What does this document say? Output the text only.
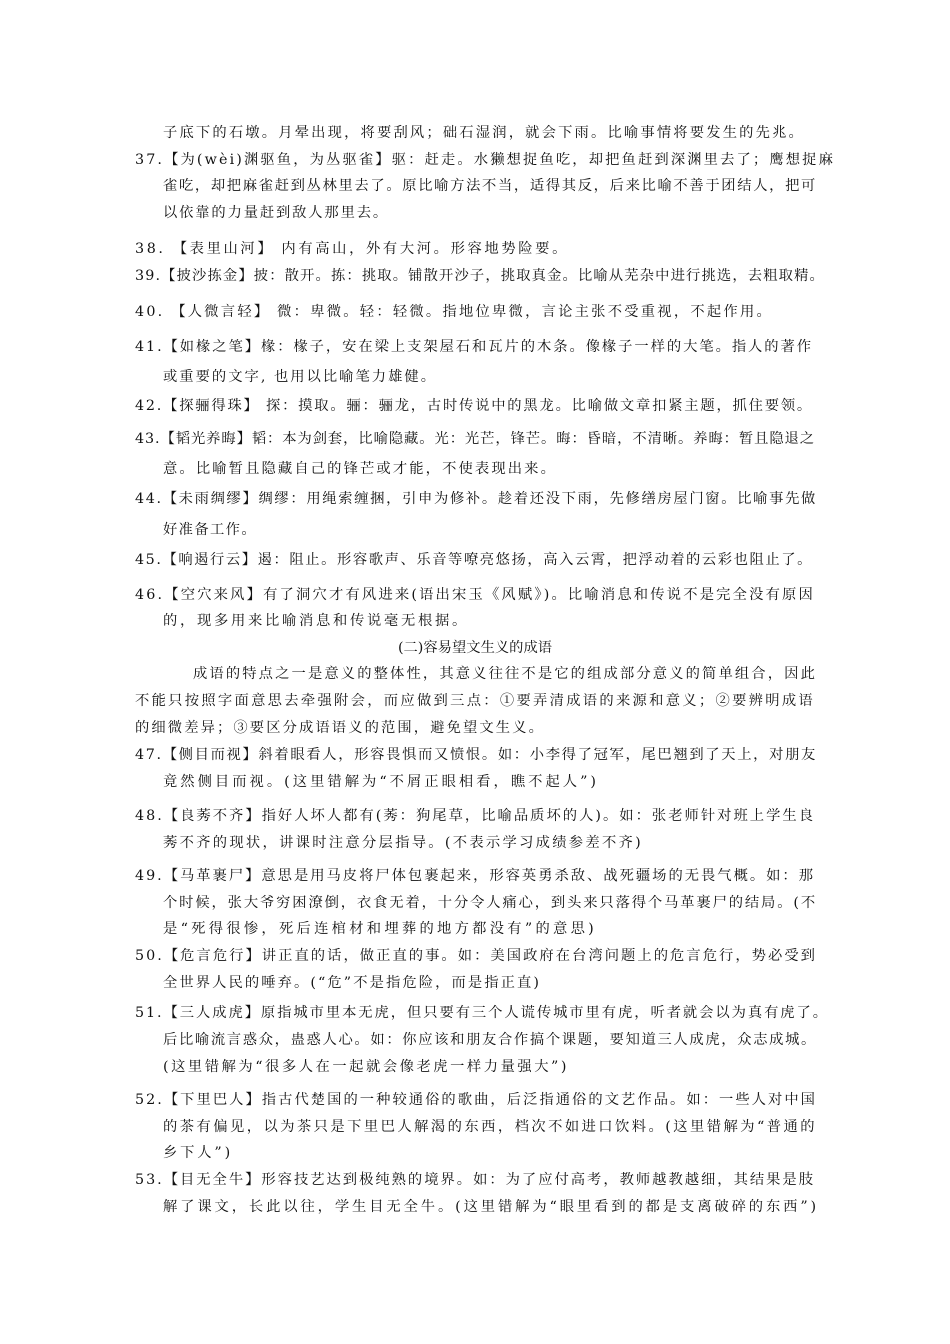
子底下的石墩。月晕出现，将要刮风；础石湿润，就会下雨。比喻事情将要发生的先兆。
37.【为(wèi)渊驱鱼，为丛驱雀】驱：赶走。水獭想捉鱼吃，却把鱼赶到深渊里去了；鹰想捉麻
雀吃，却把麻雀赶到丛林里去了。原比喻方法不当，适得其反，后来比喻不善于团结人，把可
以依靠的力量赶到敌人那里去。
38. 【表里山河】 内有高山，外有大河。形容地势险要。
39.【披沙拣金】披：散开。拣：挑取。铺散开沙子，挑取真金。比喻从芜杂中进行挑选，去粗取精。
40. 【人微言轻】 微：卑微。轻：轻微。指地位卑微，言论主张不受重视，不起作用。
41.【如椽之笔】椽：椽子，安在梁上支架屋石和瓦片的木条。像椽子一样的大笔。指人的著作
或重要的文字, 也用以比喻笔力雄健。
42.【探骊得珠】 探：摸取。骊：骊龙，古时传说中的黑龙。比喻做文章扣紧主题，抓住要领。
43.【韬光养晦】韬：本为剑套，比喻隐藏。光：光芒，锋芒。晦：昏暗，不清晰。养晦：暂且隐退之
意。比喻暂且隐藏自己的锋芒或才能，不使表现出来。
44.【未雨绸缪】绸缪：用绳索缠捆，引申为修补。趁着还没下雨，先修缮房屋门窗。比喻事先做
好准备工作。
45.【响遏行云】遏：阻止。形容歌声、乐音等嘹亮悠扬，高入云霄，把浮动着的云彩也阻止了。
46.【空穴来风】有了洞穴才有风进来(语出宋玉《风赋》)。比喻消息和传说不是完全没有原因
的，现多用来比喻消息和传说毫无根据。
(二)容易望文生义的成语
成语的特点之一是意义的整体性，其意义往往不是它的组成部分意义的简单组合，因此
不能只按照字面意思去牵强附会，而应做到三点：①要弄清成语的来源和意义；②要辨明成语
的细微差异；③要区分成语语义的范围，避免望文生义。
47.【侧目而视】斜着眼看人，形容畏惧而又愤恨。如：小李得了冠军，尾巴翘到了天上，对朋友
竟然侧目而视。(这里错解为“不屑正眼相看，瞧不起人”)
48.【良莠不齐】指好人坏人都有(莠：狗尾草，比喻品质坏的人)。如：张老师针对班上学生良
莠不齐的现状，讲课时注意分层指导。(不表示学习成绩参差不齐)
49.【马革裹尸】意思是用马皮将尸体包裹起来，形容英勇杀敌、战死疆场的无畏气概。如：那
个时候，张大爷穷困潦倒，衣食无着，十分令人痛心，到头来只落得个马革裹尸的结局。(不
是“死得很惨，死后连棺材和埋葬的地方都没有”的意思)
50.【危言危行】讲正直的话，做正直的事。如：美国政府在台湾问题上的危言危行，势必受到
全世界人民的唾弃。(“危”不是指危险，而是指正直)
51.【三人成虎】原指城市里本无虎，但只要有三个人谎传城市里有虎，听者就会以为真有虎了。
后比喻流言惑众，蛊惑人心。如：你应该和朋友合作搞个课题，要知道三人成虎，众志成城。
(这里错解为“很多人在一起就会像老虎一样力量强大”)
52.【下里巴人】指古代楚国的一种较通俗的歌曲，后泛指通俗的文艺作品。如：一些人对中国
的茶有偏见，以为茶只是下里巴人解渴的东西，档次不如进口饮料。(这里错解为“普通的
乡下人”)
53.【目无全牛】形容技艺达到极纯熟的境界。如：为了应付高考，教师越教越细，其结果是肢
解了课文，长此以往，学生目无全牛。(这里错解为“眼里看到的都是支离破碎的东西”)
